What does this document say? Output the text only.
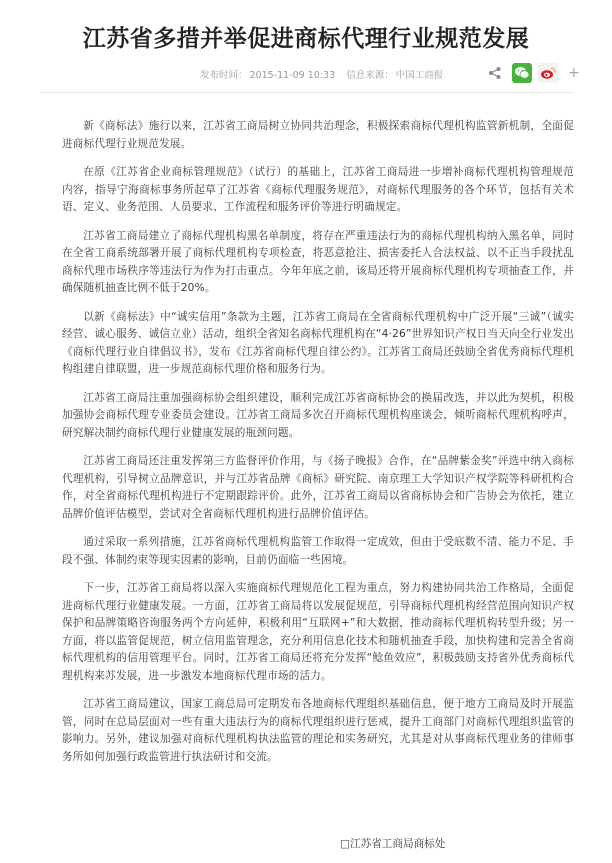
江苏省多措并举促进商标代理行业规范发展
发布时间： 2015-11-09 10:33 信息来源： 中国工商报	+

新《商标法》施行以来，江苏省工商局树立协同共治理念，积极探索商标代理机构监管新机制，全面促进商标代理行业规范发展。

在原《江苏省企业商标管理规范》（试行）的基础上，江苏省工商局进一步增补商标代理机构管理规范内容，指导宁海商标事务所起草了江苏省《商标代理服务规范》，对商标代理服务的各个环节，包括有关术语、定义、业务范围、人员要求、工作流程和服务评价等进行明确规定。

江苏省工商局建立了商标代理机构黑名单制度，将存在严重违法行为的商标代理机构纳入黑名单，同时在全省工商系统部署开展了商标代理机构专项检查，将恶意抢注、损害委托人合法权益、以不正当手段扰乱商标代理市场秩序等违法行为作为打击重点。今年年底之前，该局还将开展商标代理机构专项抽查工作，并确保随机抽查比例不低于20%。

以新《商标法》中“诚实信用”条款为主题，江苏省工商局在全省商标代理机构中广泛开展“三诚”（诚实经营、诚心服务、诚信立业）活动，组织全省知名商标代理机构在“4·26”世界知识产权日当天向全行业发出《商标代理行业自律倡议书》，发布《江苏省商标代理自律公约》。江苏省工商局还鼓励全省优秀商标代理机构组建自律联盟，进一步规范商标代理价格和服务行为。

江苏省工商局注重加强商标协会组织建设，顺利完成江苏省商标协会的换届改选，并以此为契机，积极加强协会商标代理专业委员会建设。江苏省工商局多次召开商标代理机构座谈会，倾听商标代理机构呼声，研究解决制约商标代理行业健康发展的瓶颈问题。

江苏省工商局还注重发挥第三方监督评价作用，与《扬子晚报》合作，在“品牌紫金奖”评选中纳入商标代理机构，引导树立品牌意识，并与江苏省品牌《商标》研究院、南京理工大学知识产权学院等科研机构合作，对全省商标代理机构进行不定期跟踪评价。此外，江苏省工商局以省商标协会和广告协会为依托，建立品牌价值评估模型，尝试对全省商标代理机构进行品牌价值评估。

通过采取一系列措施，江苏省商标代理机构监管工作取得一定成效，但由于受底数不清、能力不足、手段不强、体制约束等现实因素的影响，目前仍面临一些困境。

下一步，江苏省工商局将以深入实施商标代理规范化工程为重点，努力构建协同共治工作格局，全面促进商标代理行业健康发展。一方面，江苏省工商局将以发展促规范，引导商标代理机构经营范围向知识产权保护和品牌策略咨询服务两个方向延伸，积极利用“互联网+”和大数据，推动商标代理机构转型升级；另一方面，将以监管促规范，树立信用监管理念，充分利用信息化技术和随机抽查手段，加快构建和完善全省商标代理机构的信用管理平台。同时，江苏省工商局还将充分发挥“鲶鱼效应”，积极鼓励支持省外优秀商标代理机构来苏发展，进一步激发本地商标代理市场的活力。

江苏省工商局建议，国家工商总局可定期发布各地商标代理组织基础信息，便于地方工商局及时开展监管，同时在总局层面对一些有重大违法行为的商标代理组织进行惩戒，提升工商部门对商标代理组织监管的影响力。另外，建议加强对商标代理机构执法监管的理论和实务研究，尤其是对从事商标代理业务的律师事务所如何加强行政监管进行执法研讨和交流。

□江苏省工商局商标处
